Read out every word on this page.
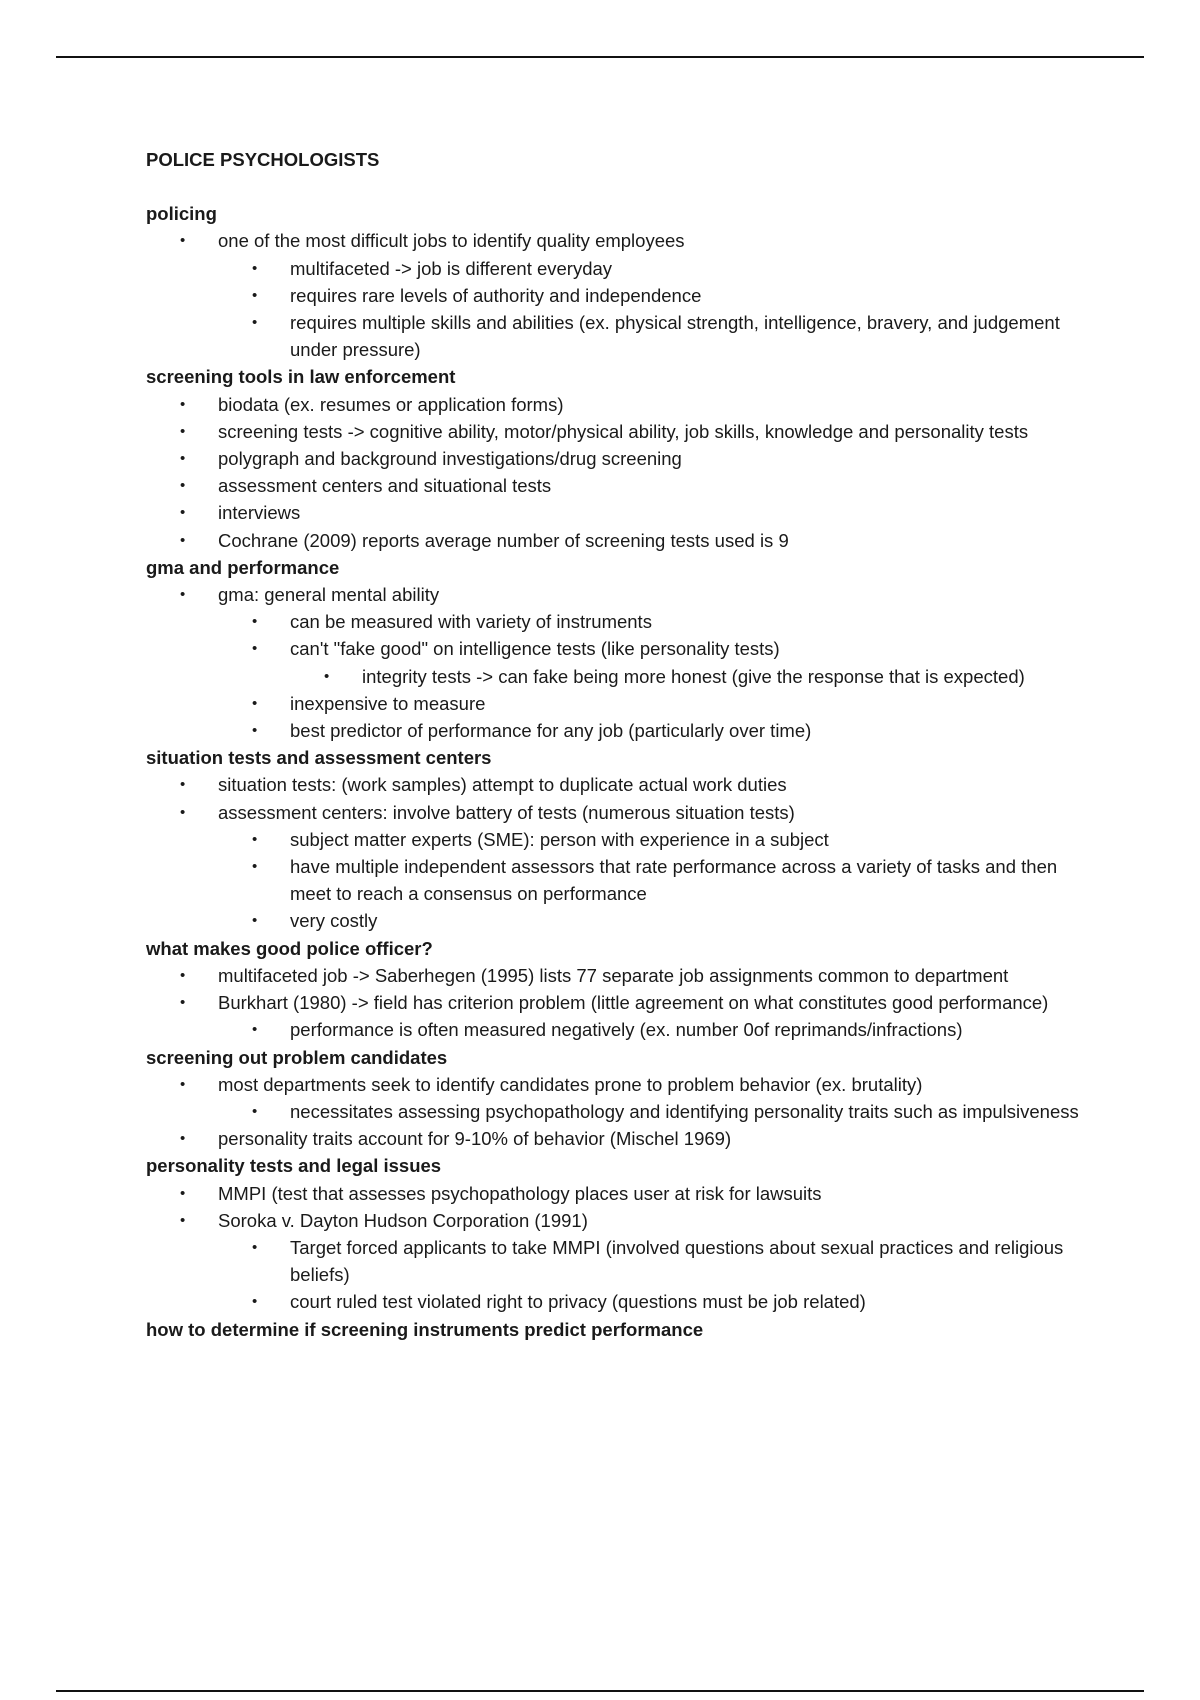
POLICE PSYCHOLOGISTS
policing
• one of the most difficult jobs to identify quality employees
• multifaceted -> job is different everyday
• requires rare levels of authority and independence
• requires multiple skills and abilities (ex. physical strength, intelligence, bravery, and judgement under pressure)
screening tools in law enforcement
• biodata (ex. resumes or application forms)
• screening tests -> cognitive ability, motor/physical ability, job skills, knowledge and personality tests
• polygraph and background investigations/drug screening
• assessment centers and situational tests
• interviews
• Cochrane (2009) reports average number of screening tests used is 9
gma and performance
• gma: general mental ability
• can be measured with variety of instruments
• can't "fake good" on intelligence tests (like personality tests)
• integrity tests -> can fake being more honest (give the response that is expected)
• inexpensive to measure
• best predictor of performance for any job (particularly over time)
situation tests and assessment centers
• situation tests: (work samples) attempt to duplicate actual work duties
• assessment centers: involve battery of tests (numerous situation tests)
• subject matter experts (SME): person with experience in a subject
• have multiple independent assessors that rate performance across a variety of tasks and then meet to reach a consensus on performance
• very costly
what makes good police officer?
• multifaceted job -> Saberhegen (1995) lists 77 separate job assignments common to department
• Burkhart (1980) -> field has criterion problem (little agreement on what constitutes good performance)
• performance is often measured negatively (ex. number 0of reprimands/infractions)
screening out problem candidates
• most departments seek to identify candidates prone to problem behavior (ex. brutality)
• necessitates assessing psychopathology and identifying personality traits such as impulsiveness
• personality traits account for 9-10% of behavior (Mischel 1969)
personality tests and legal issues
• MMPI (test that assesses psychopathology places user at risk for lawsuits
• Soroka v. Dayton Hudson Corporation (1991)
• Target forced applicants to take MMPI (involved questions about sexual practices and religious beliefs)
• court ruled test violated right to privacy (questions must be job related)
how to determine if screening instruments predict performance
